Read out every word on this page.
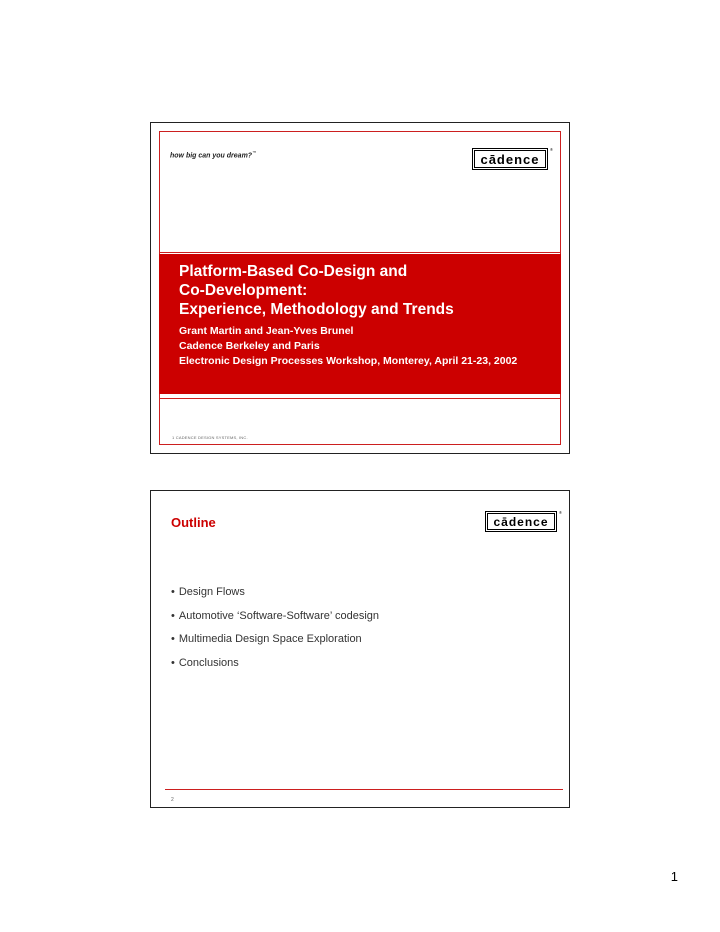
how big can you dream?™	cādence
®
Platform-Based Co-Design and
Co-Development:
Experience, Methodology and Trends
Grant Martin and Jean-Yves Brunel
Cadence Berkeley and Paris
Electronic Design Processes Workshop, Monterey, April 21-23, 2002
1 CADENCE DESIGN SYSTEMS, INC.
Outline	cādence
®
• Design Flows
• Automotive ‘Software-Software’ codesign
• Multimedia Design Space Exploration
• Conclusions
2
1
